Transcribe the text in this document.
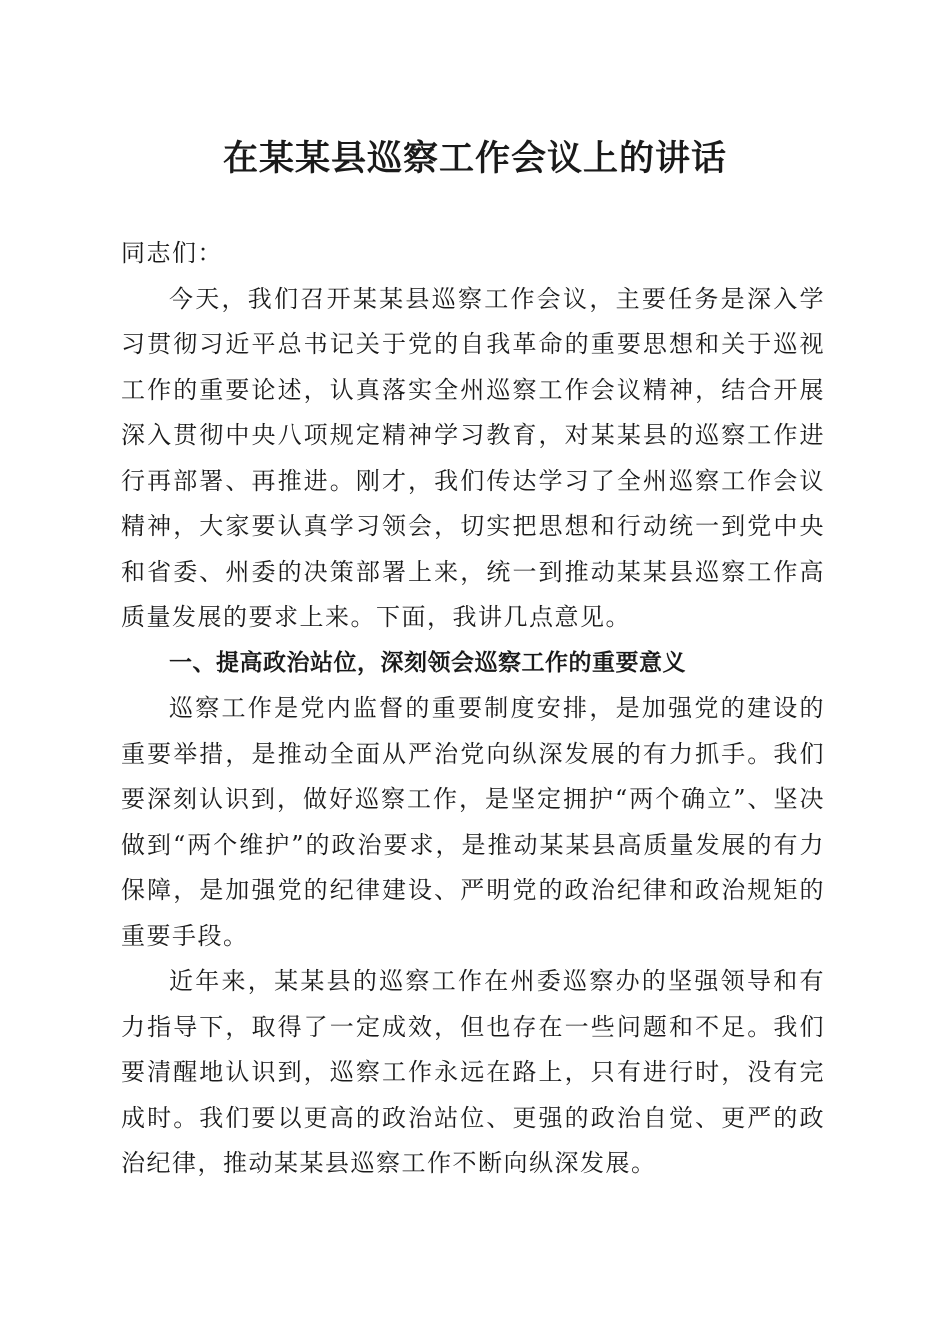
在某某县巡察工作会议上的讲话

同志们：

今天，我们召开某某县巡察工作会议，主要任务是深入学习贯彻习近平总书记关于党的自我革命的重要思想和关于巡视工作的重要论述，认真落实全州巡察工作会议精神，结合开展深入贯彻中央八项规定精神学习教育，对某某县的巡察工作进行再部署、再推进。刚才，我们传达学习了全州巡察工作会议精神，大家要认真学习领会，切实把思想和行动统一到党中央和省委、州委的决策部署上来，统一到推动某某县巡察工作高质量发展的要求上来。下面，我讲几点意见。

一、提高政治站位，深刻领会巡察工作的重要意义

巡察工作是党内监督的重要制度安排，是加强党的建设的重要举措，是推动全面从严治党向纵深发展的有力抓手。我们要深刻认识到，做好巡察工作，是坚定拥护“两个确立”、坚决做到“两个维护”的政治要求，是推动某某县高质量发展的有力保障，是加强党的纪律建设、严明党的政治纪律和政治规矩的重要手段。

近年来，某某县的巡察工作在州委巡察办的坚强领导和有力指导下，取得了一定成效，但也存在一些问题和不足。我们要清醒地认识到，巡察工作永远在路上，只有进行时，没有完成时。我们要以更高的政治站位、更强的政治自觉、更严的政治纪律，推动某某县巡察工作不断向纵深发展。
